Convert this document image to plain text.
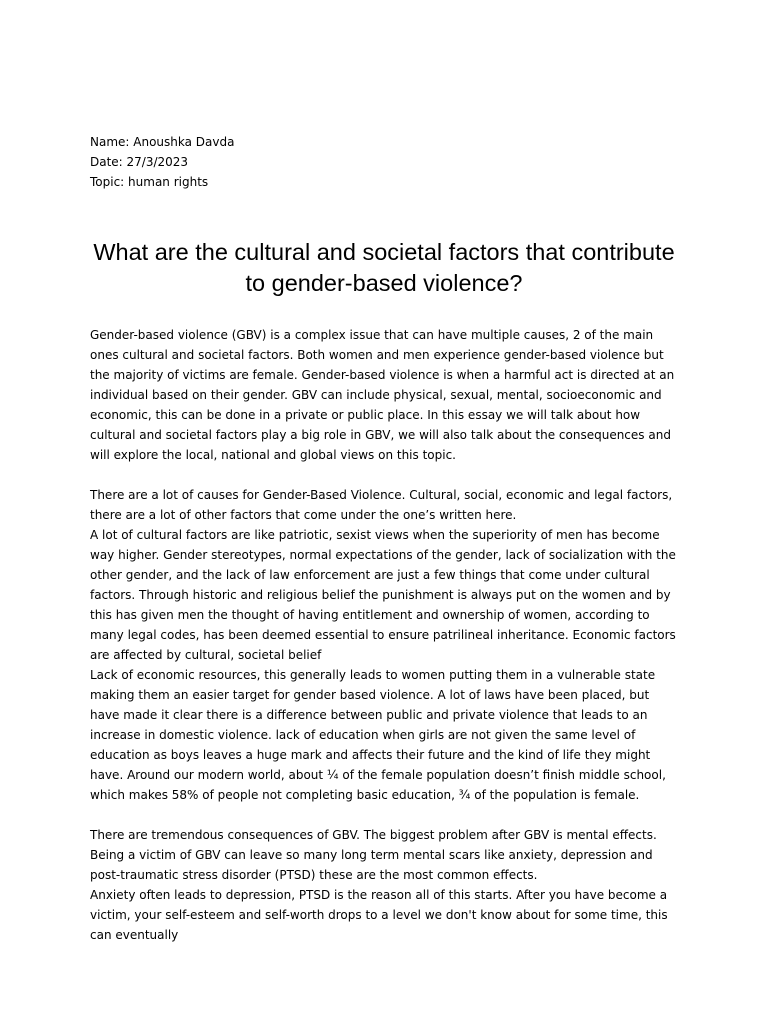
Name: Anoushka Davda
Date: 27/3/2023
Topic: human rights
What are the cultural and societal factors that contribute to gender-based violence?

Gender-based violence (GBV) is a complex issue that can have multiple causes, 2 of the main ones cultural and societal factors. Both women and men experience gender-based violence but the majority of victims are female. Gender-based violence is when a harmful act is directed at an individual based on their gender. GBV can include physical, sexual, mental, socioeconomic and economic, this can be done in a private or public place. In this essay we will talk about how cultural and societal factors play a big role in GBV, we will also talk about the consequences and will explore the local, national and global views on this topic.

There are a lot of causes for Gender-Based Violence. Cultural, social, economic and legal factors, there are a lot of other factors that come under the one’s written here.

A lot of cultural factors are like patriotic, sexist views when the superiority of men has become way higher. Gender stereotypes, normal expectations of the gender, lack of socialization with the other gender, and the lack of law enforcement are just a few things that come under cultural factors. Through historic and religious belief the punishment is always put on the women and by this has given men the thought of having entitlement and ownership of women, according to many legal codes, has been deemed essential to ensure patrilineal inheritance. Economic factors are affected by cultural, societal belief

Lack of economic resources, this generally leads to women putting them in a vulnerable state making them an easier target for gender based violence. A lot of laws have been placed, but have made it clear there is a difference between public and private violence that leads to an increase in domestic violence. lack of education when girls are not given the same level of education as boys leaves a huge mark and affects their future and the kind of life they might have. Around our modern world, about ¼ of the female population doesn’t finish middle school, which makes 58% of people not completing basic education, ¾ of the population is female.

There are tremendous consequences of GBV. The biggest problem after GBV is mental effects. Being a victim of GBV can leave so many long term mental scars like anxiety, depression and post-traumatic stress disorder (PTSD) these are the most common effects.

Anxiety often leads to depression, PTSD is the reason all of this starts. After you have become a victim, your self-esteem and self-worth drops to a level we don't know about for some time, this can eventually
